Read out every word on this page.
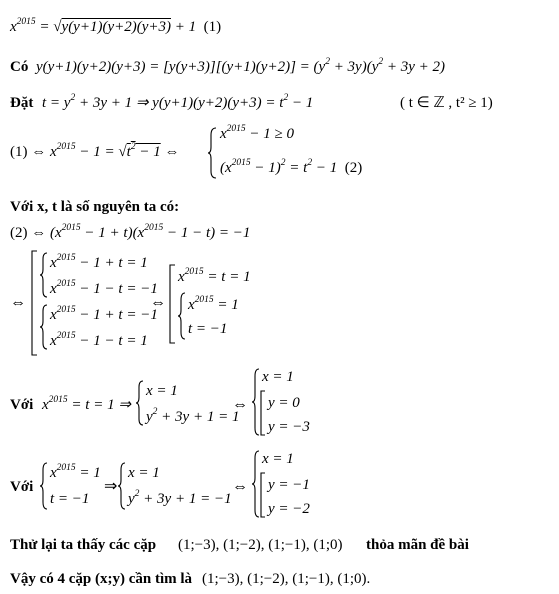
$x^{2015} = √y(y+1)(y+2)(y+3) + 1$  (1)
Có $y(y+1)(y+2)(y+3) = [y(y+3)][(y+1)(y+2)] = (y^2 + 3y)(y^2 + 3y + 2)$
Đặt $t = y^2 + 3y + 1$ ⇒ $y(y+1)(y+2)(y+3) = t^2 - 1$	( t ∈ ℤ , t² ≥ 1)
(1) ⇔ $x^{2015} - 1 = √t^2 - 1$ ⇔
$x^{2015} - 1 \ge 0$
$(x^{2015} - 1)^2 = t^2 - 1$  (2)
Với x, t là số nguyên ta có:
(2) ⇔ $(x^{2015} - 1 + t)(x^{2015} - 1 - t) = -1$
⇔
$x^{2015} - 1 + t = 1$
$x^{2015} - 1 - t = -1$
$x^{2015} - 1 + t = -1$
$x^{2015} - 1 - t = 1$
⇔
$x^{2015} = t = 1$
$x^{2015} = 1$
t = −1
Với $x^{2015} = t = 1$ ⇒
x = 1
$y^2 + 3y + 1 = 1$
⇔
x = 1
y = 0
y = −3
Với
$x^{2015} = 1$
t = −1
⇒
x = 1
$y^2 + 3y + 1 = -1$
⇔
x = 1
y = −1
y = −2
Thử lại ta thấy các cặp (1;−3), (1;−2), (1;−1), (1;0) thỏa mãn đề bài
Vậy có 4 cặp (x;y) cần tìm là (1;−3), (1;−2), (1;−1), (1;0).
